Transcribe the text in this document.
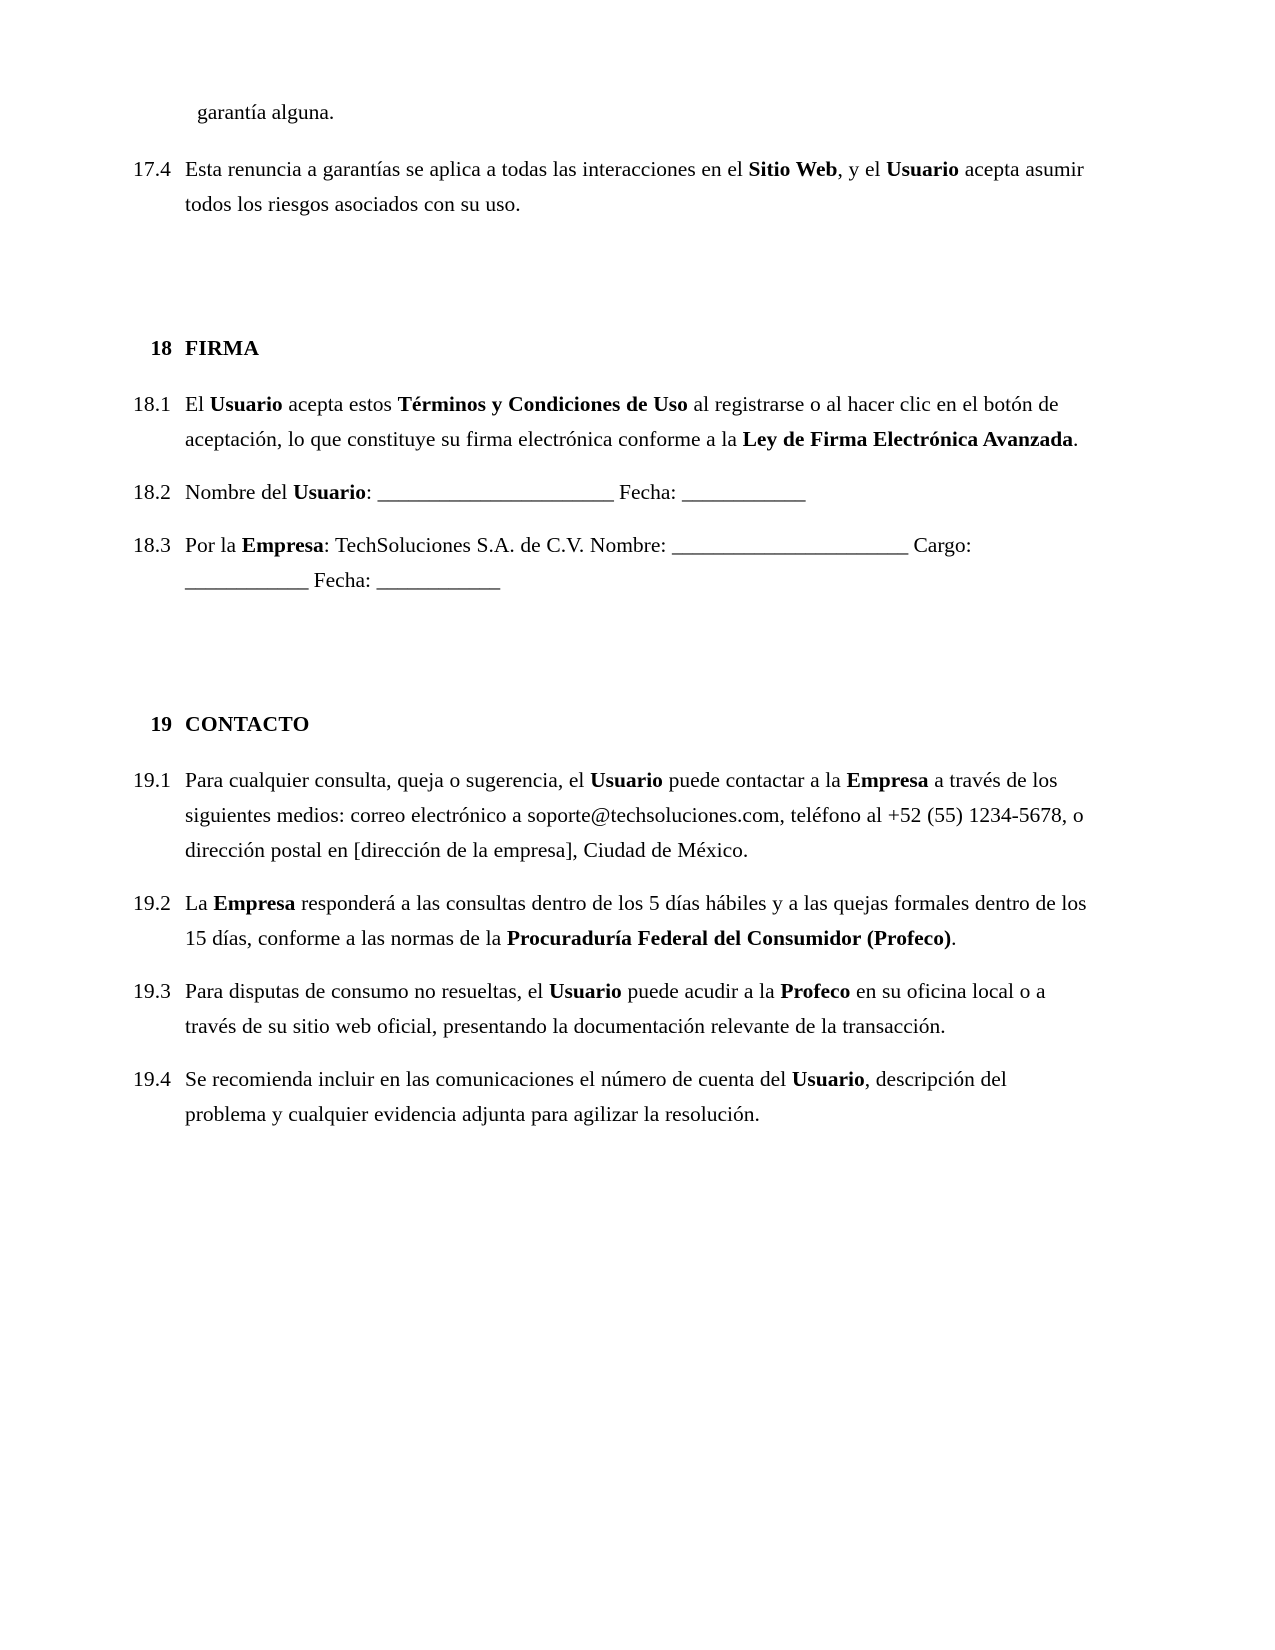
garantía alguna.
17.4 Esta renuncia a garantías se aplica a todas las interacciones en el Sitio Web, y el Usuario acepta asumir todos los riesgos asociados con su uso.
18 FIRMA
18.1 El Usuario acepta estos Términos y Condiciones de Uso al registrarse o al hacer clic en el botón de aceptación, lo que constituye su firma electrónica conforme a la Ley de Firma Electrónica Avanzada.
18.2 Nombre del Usuario: _______________________ Fecha: ____________
18.3 Por la Empresa: TechSoluciones S.A. de C.V. Nombre: _______________________ Cargo: ____________ Fecha: ____________
19 CONTACTO
19.1 Para cualquier consulta, queja o sugerencia, el Usuario puede contactar a la Empresa a través de los siguientes medios: correo electrónico a soporte@techsoluciones.com, teléfono al +52 (55) 1234-5678, o dirección postal en [dirección de la empresa], Ciudad de México.
19.2 La Empresa responderá a las consultas dentro de los 5 días hábiles y a las quejas formales dentro de los 15 días, conforme a las normas de la Procuraduría Federal del Consumidor (Profeco).
19.3 Para disputas de consumo no resueltas, el Usuario puede acudir a la Profeco en su oficina local o a través de su sitio web oficial, presentando la documentación relevante de la transacción.
19.4 Se recomienda incluir en las comunicaciones el número de cuenta del Usuario, descripción del problema y cualquier evidencia adjunta para agilizar la resolución.
